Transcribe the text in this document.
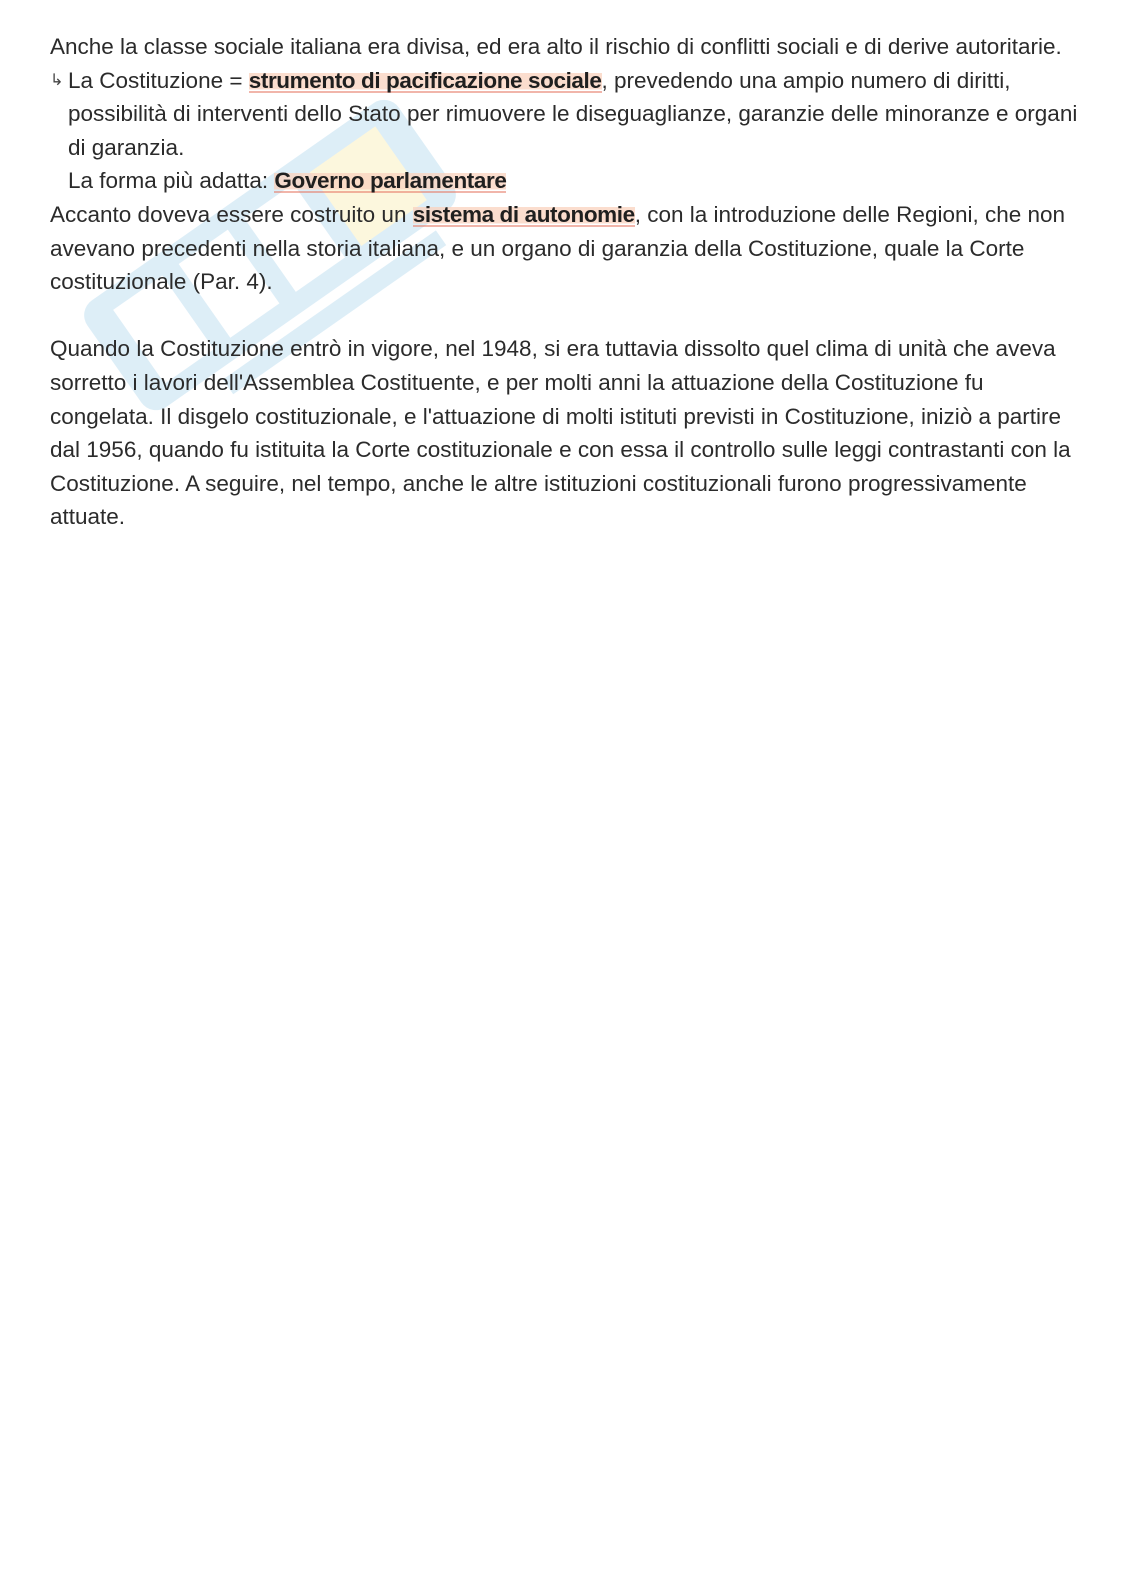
Anche la classe sociale italiana era divisa, ed era alto il rischio di conflitti sociali e di derive autoritarie.

↳ La Costituzione = strumento di pacificazione sociale, prevedendo una ampio numero di diritti, possibilità di interventi dello Stato per rimuovere le diseguaglianze, garanzie delle minoranze e organi di garanzia.

La forma più adatta: Governo parlamentare

Accanto doveva essere costruito un sistema di autonomie, con la introduzione delle Regioni, che non avevano precedenti nella storia italiana, e un organo di garanzia della Costituzione, quale la Corte costituzionale (Par. 4).

Quando la Costituzione entrò in vigore, nel 1948, si era tuttavia dissolto quel clima di unità che aveva sorretto i lavori dell'Assemblea Costituente, e per molti anni la attuazione della Costituzione fu congelata. Il disgelo costituzionale, e l'attuazione di molti istituti previsti in Costituzione, iniziò a partire dal 1956, quando fu istituita la Corte costituzionale e con essa il controllo sulle leggi contrastanti con la Costituzione. A seguire, nel tempo, anche le altre istituzioni costituzionali furono progressivamente attuate.
